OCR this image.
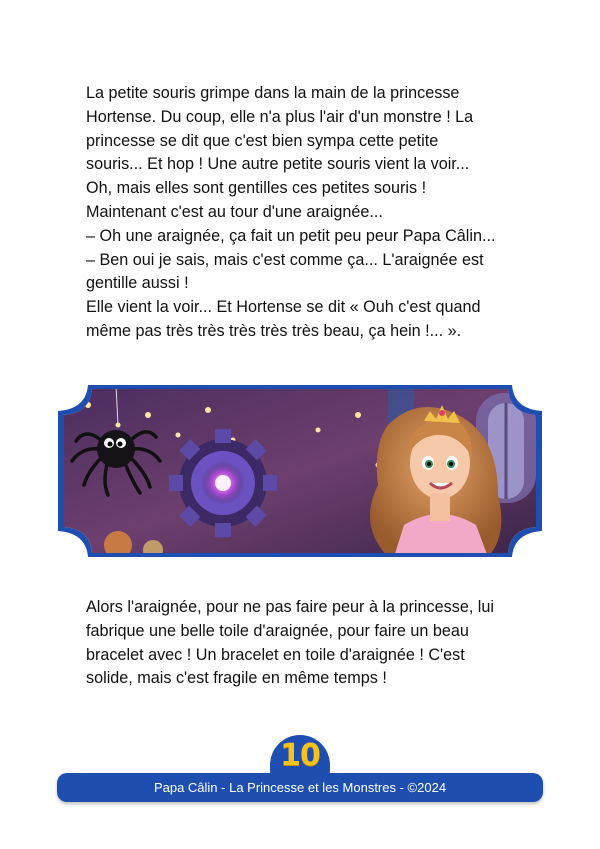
La petite souris grimpe dans la main de la princesse
Hortense. Du coup, elle n'a plus l'air d'un monstre ! La
princesse se dit que c'est bien sympa cette petite
souris... Et hop ! Une autre petite souris vient la voir...
Oh, mais elles sont gentilles ces petites souris !
Maintenant c'est au tour d'une araignée...
– Oh une araignée, ça fait un petit peu peur Papa Câlin...
– Ben oui je sais, mais c'est comme ça... L'araignée est
gentille aussi !
Elle vient la voir... Et Hortense se dit « Ouh c'est quand
même pas très très très très très beau, ça hein !... ».
Alors l'araignée, pour ne pas faire peur à la princesse, lui
fabrique une belle toile d'araignée, pour faire un beau
bracelet avec ! Un bracelet en toile d'araignée ! C'est
solide, mais c'est fragile en même temps !
10
Papa Câlin - La Princesse et les Monstres - ©2024
